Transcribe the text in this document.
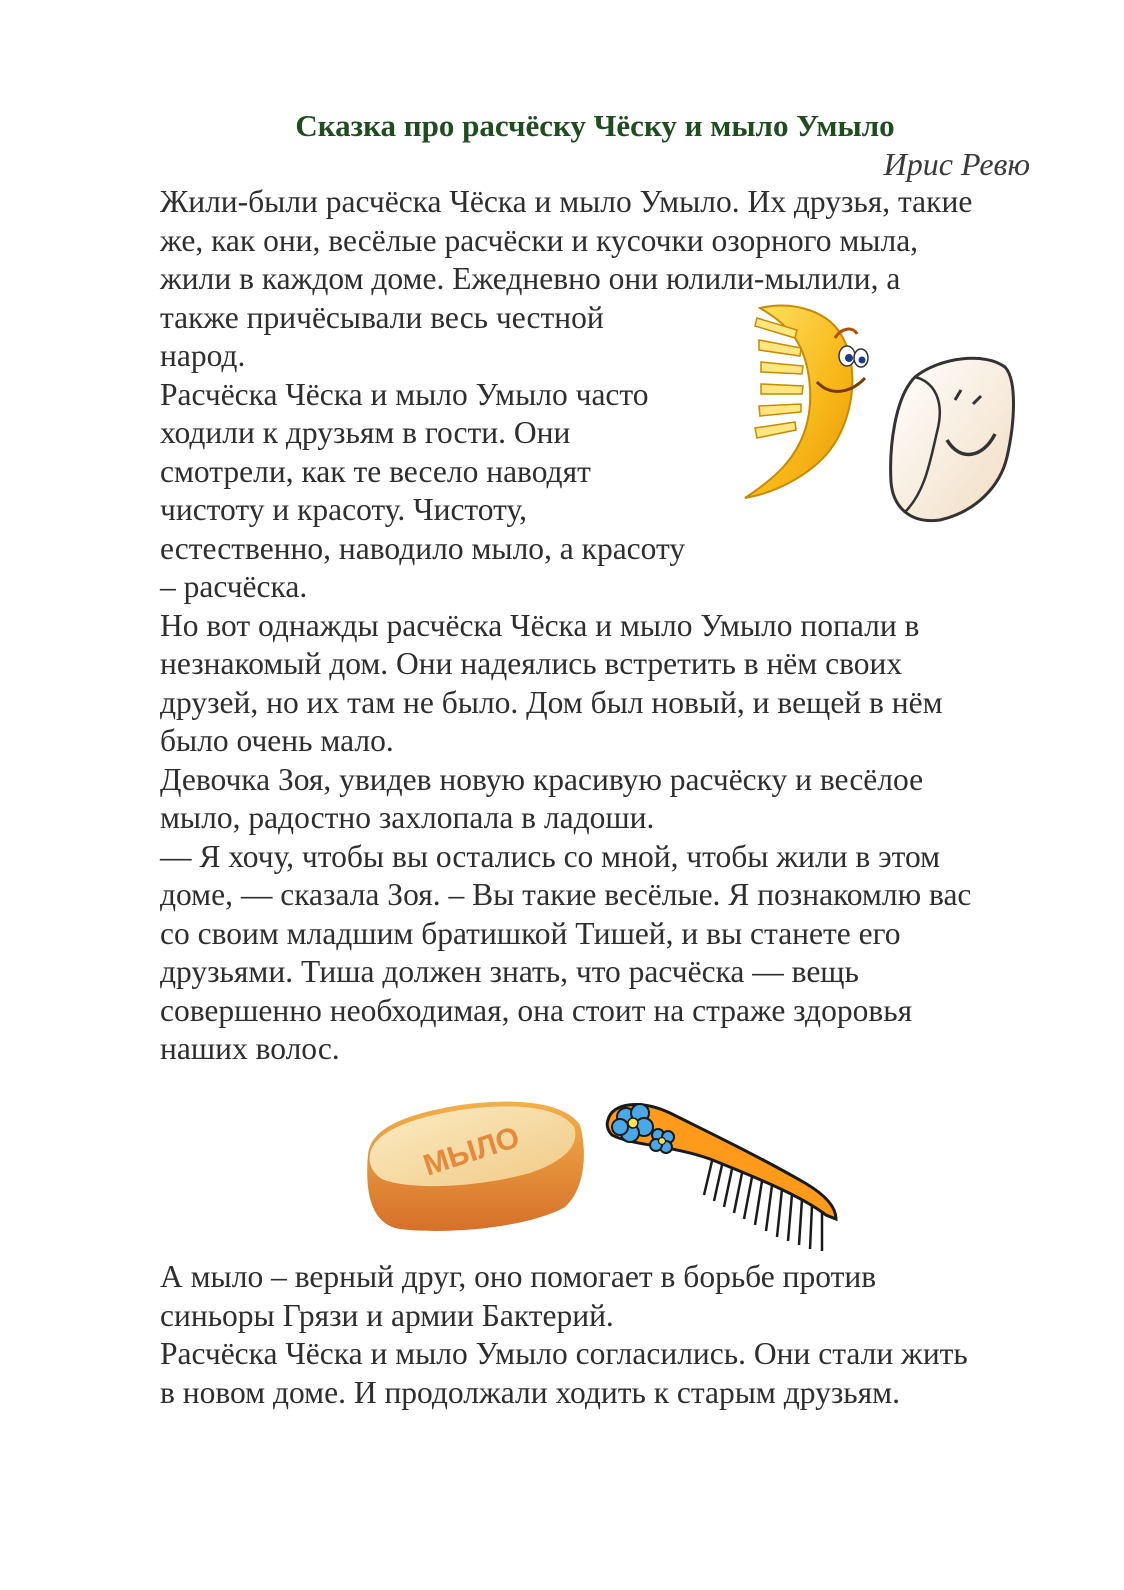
Сказка про расчёску Чёску и мыло Умыло
Ирис Ревю
Жили-были расчёска Чёска и мыло Умыло. Их друзья, такие
же, как они, весёлые расчёски и кусочки озорного мыла,
жили в каждом доме. Ежедневно они юлили-мылили, а
также причёсывали весь честной
народ.
Расчёска Чёска и мыло Умыло часто
ходили к друзьям в гости. Они
смотрели, как те весело наводят
чистоту и красоту. Чистоту,
естественно, наводило мыло, а красоту
– расчёска.
Но вот однажды расчёска Чёска и мыло Умыло попали в
незнакомый дом. Они надеялись встретить в нём своих
друзей, но их там не было. Дом был новый, и вещей в нём
было очень мало.
Девочка Зоя, увидев новую красивую расчёску и весёлое
мыло, радостно захлопала в ладоши.
— Я хочу, чтобы вы остались со мной, чтобы жили в этом
доме, — сказала Зоя. – Вы такие весёлые. Я познакомлю вас
со своим младшим братишкой Тишей, и вы станете его
друзьями. Тиша должен знать, что расчёска — вещь
совершенно необходимая, она стоит на страже здоровья
наших волос.
А мыло – верный друг, оно помогает в борьбе против
синьоры Грязи и армии Бактерий.
Расчёска Чёска и мыло Умыло согласились. Они стали жить
в новом доме. И продолжали ходить к старым друзьям.
МЫЛО
